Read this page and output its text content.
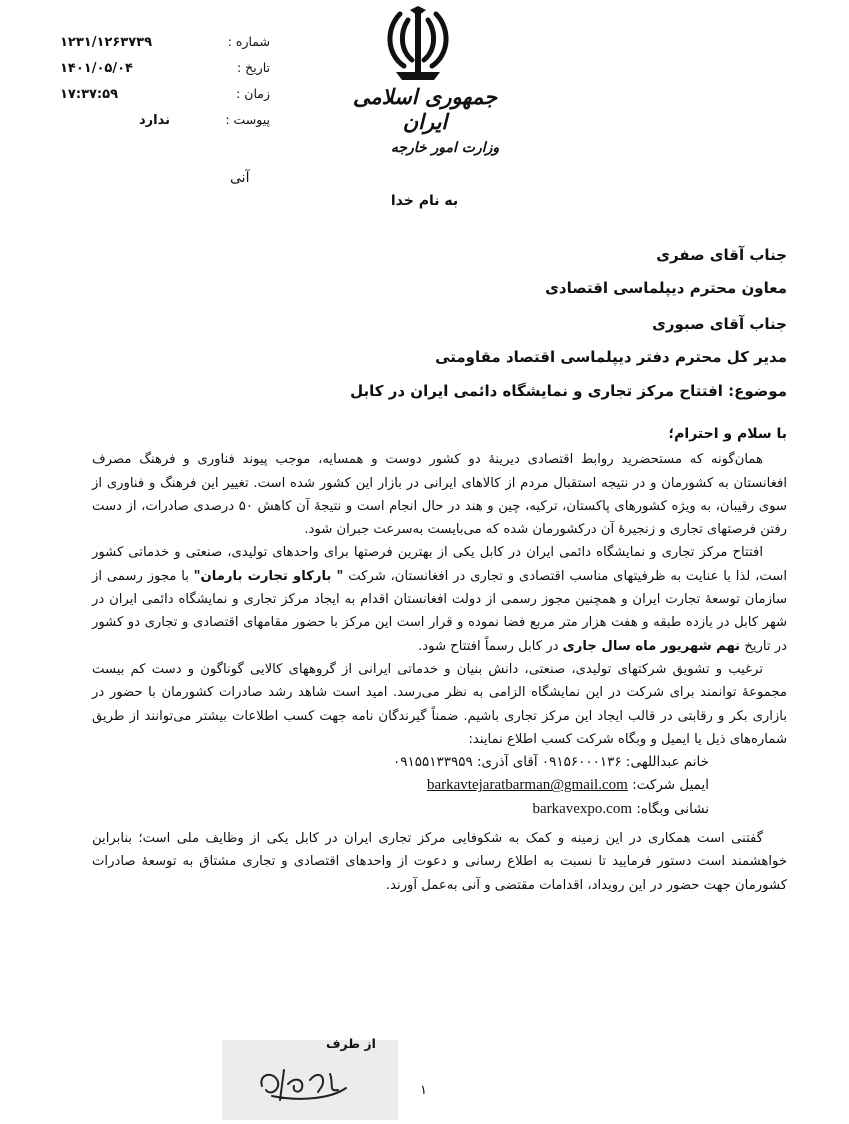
۱۲۳۱/۱۲۶۳۷۳۹	شماره :
۱۴۰۱/۰۵/۰۴	تاریخ :
۱۷:۳۷:۵۹	زمان :
ندارد	پیوست :
آنی
جمهوری اسلامی ایران
وزارت امور خارجه
به نام خدا
جناب آقای صفری
معاون محترم دیپلماسی اقتصادی
جناب آقای صبوری
مدیر کل محترم دفتر دیپلماسی اقتصاد مقاومتی
موضوع: افتتاح مرکز تجاری و نمایشگاه دائمی ایران در کابل

با سلام و احترام؛

همان‌گونه که مستحضرید روابط اقتصادی دیرینۀ دو کشور دوست و همسایه، موجب پیوند فناوری و فرهنگ مصرف افغانستان به کشورمان و در نتیجه استقبال مردم از کالاهای ایرانی در بازار این کشور شده است. تغییر این فرهنگ و فناوری از سوی رقیبان، به ویژه کشورهای پاکستان، ترکیه، چین و هند در حال انجام است و نتیجۀ آن کاهش ۵۰ درصدی صادرات، از دست رفتن فرصتهای تجاری و زنجیرۀ آن درکشورمان شده که می‌بایست به‌سرعت جبران شود.

افتتاح مرکز تجاری و نمایشگاه دائمی ایران در کابل یکی از بهترین فرصتها برای واحدهای تولیدی، صنعتی و خدماتی کشور است، لذا با عنایت به ظرفیتهای مناسب اقتصادی و تجاری در افغانستان، شرکت " بارکاو تجارت بارمان" با مجوز رسمی از سازمان توسعۀ تجارت ایران و همچنین مجوز رسمی از دولت افغانستان اقدام به ایجاد مرکز تجاری و نمایشگاه دائمی ایران در شهر کابل در یازده طبقه و هفت هزار متر مربع فضا نموده و قرار است این مرکز با حضور مقامهای اقتصادی و تجاری دو کشور در تاریخ نهم شهریور ماه سال جاری در کابل رسماً افتتاح شود.

ترغیب و تشویق شرکتهای تولیدی، صنعتی، دانش بنیان و خدماتی ایرانی از گروههای کالایی گوناگون و دست کم بیست مجموعۀ توانمند برای شرکت در این نمایشگاه الزامی به نظر می‌رسد. امید است شاهد رشد صادرات کشورمان با حضور در بازاری بکر و رقابتی در قالب ایجاد این مرکز تجاری باشیم. ضمناً گیرندگان نامه جهت کسب اطلاعات بیشتر می‌توانند از طریق شماره‌های ذیل یا ایمیل و وبگاه شرکت کسب اطلاع نمایند:

خانم عبداللهی: ۰۹۱۵۶۰۰۰۱۳۶ آقای آذری: ۰۹۱۵۵۱۳۳۹۵۹
ایمیل شرکت: barkavtejaratbarman@gmail.com
نشانی وبگاه: barkavexpo.com

گفتنی است همکاری در این زمینه و کمک به شکوفایی مرکز تجاری ایران در کابل یکی از وظایف ملی است؛ بنابراین خواهشمند است دستور فرمایید تا نسبت به اطلاع رسانی و دعوت از واحدهای اقتصادی و تجاری مشتاق به توسعۀ صادرات کشورمان جهت حضور در این رویداد، اقدامات مقتضی و آنی به‌عمل آورند.

از طرف
۱
